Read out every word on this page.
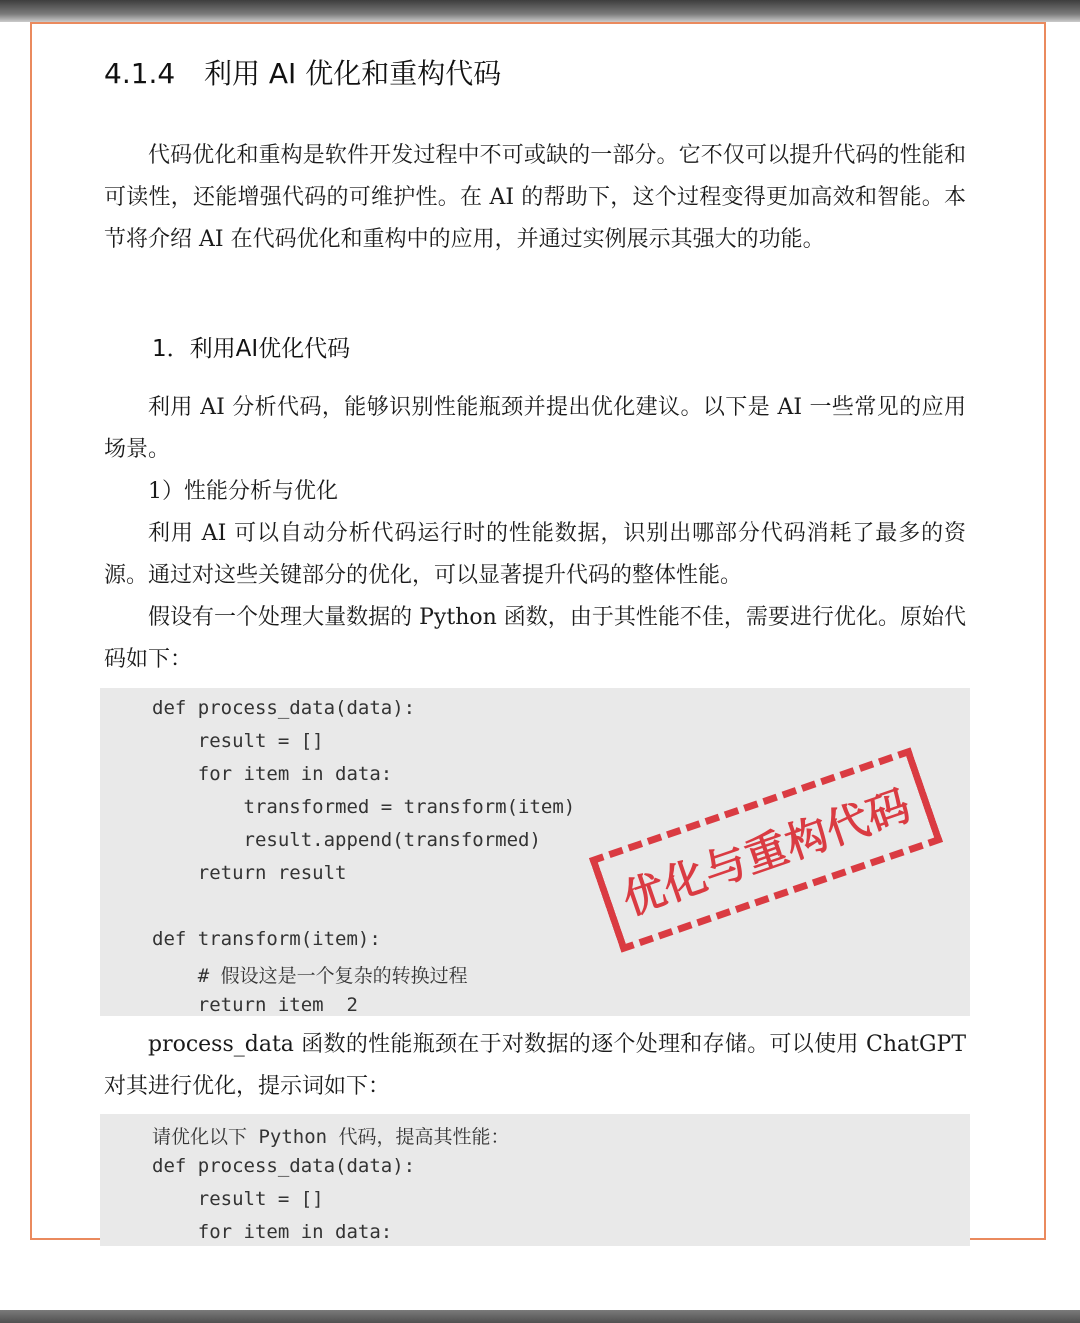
4.1.4 利用 AI 优化和重构代码

代码优化和重构是软件开发过程中不可或缺的一部分。它不仅可以提升代码的性能和可读性，还能增强代码的可维护性。在 AI 的帮助下，这个过程变得更加高效和智能。本节将介绍 AI 在代码优化和重构中的应用，并通过实例展示其强大的功能。

1．利用AI优化代码

利用 AI 分析代码，能够识别性能瓶颈并提出优化建议。以下是 AI 一些常见的应用场景。

1）性能分析与优化

利用 AI 可以自动分析代码运行时的性能数据，识别出哪部分代码消耗了最多的资源。通过对这些关键部分的优化，可以显著提升代码的整体性能。

假设有一个处理大量数据的 Python 函数，由于其性能不佳，需要进行优化。原始代码如下：

def process_data(data):
result = []
for item in data:
transformed = transform(item)
result.append(transformed)
return result
def transform(item):
# 假设这是一个复杂的转换过程
return item  2
优化与重构代码

process_data 函数的性能瓶颈在于对数据的逐个处理和存储。可以使用 ChatGPT 对其进行优化，提示词如下：

请优化以下 Python 代码，提高其性能：
def process_data(data):
result = []
for item in data:
